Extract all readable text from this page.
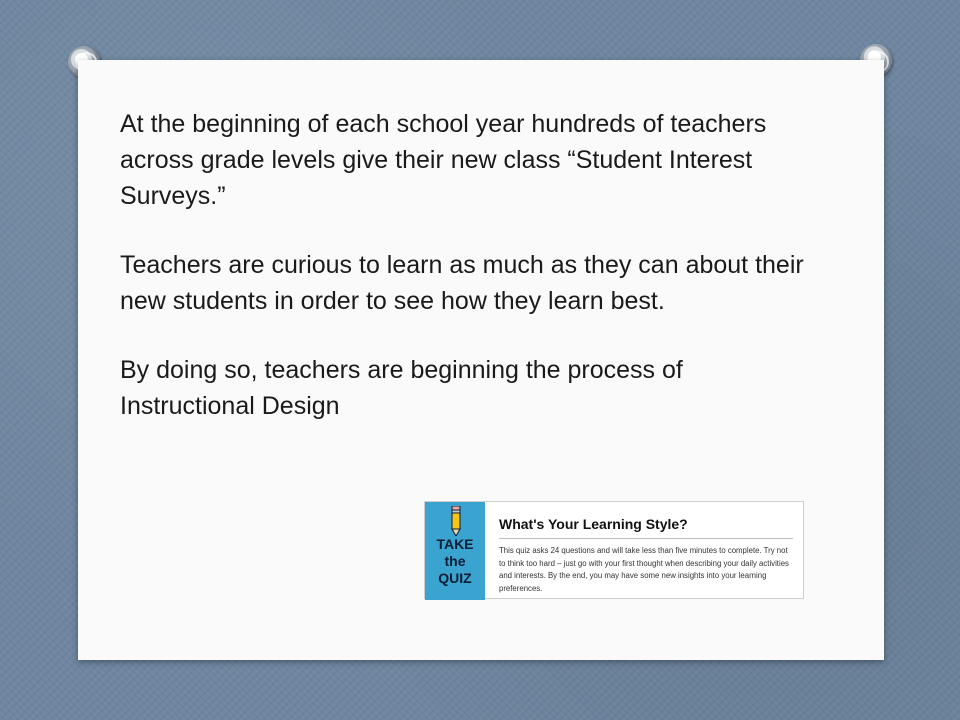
At the beginning of each school year hundreds of teachers across grade levels give their new class “Student Interest Surveys.”

Teachers are curious to learn as much as they can about their new students in order to see how they learn best.

By doing so, teachers are beginning the process of Instructional Design

TAKE
the
QUIZ
What's Your Learning Style?
This quiz asks 24 questions and will take less than five minutes to complete. Try not to think too hard – just go with your first thought when describing your daily activities and interests. By the end, you may have some new insights into your learning preferences.
